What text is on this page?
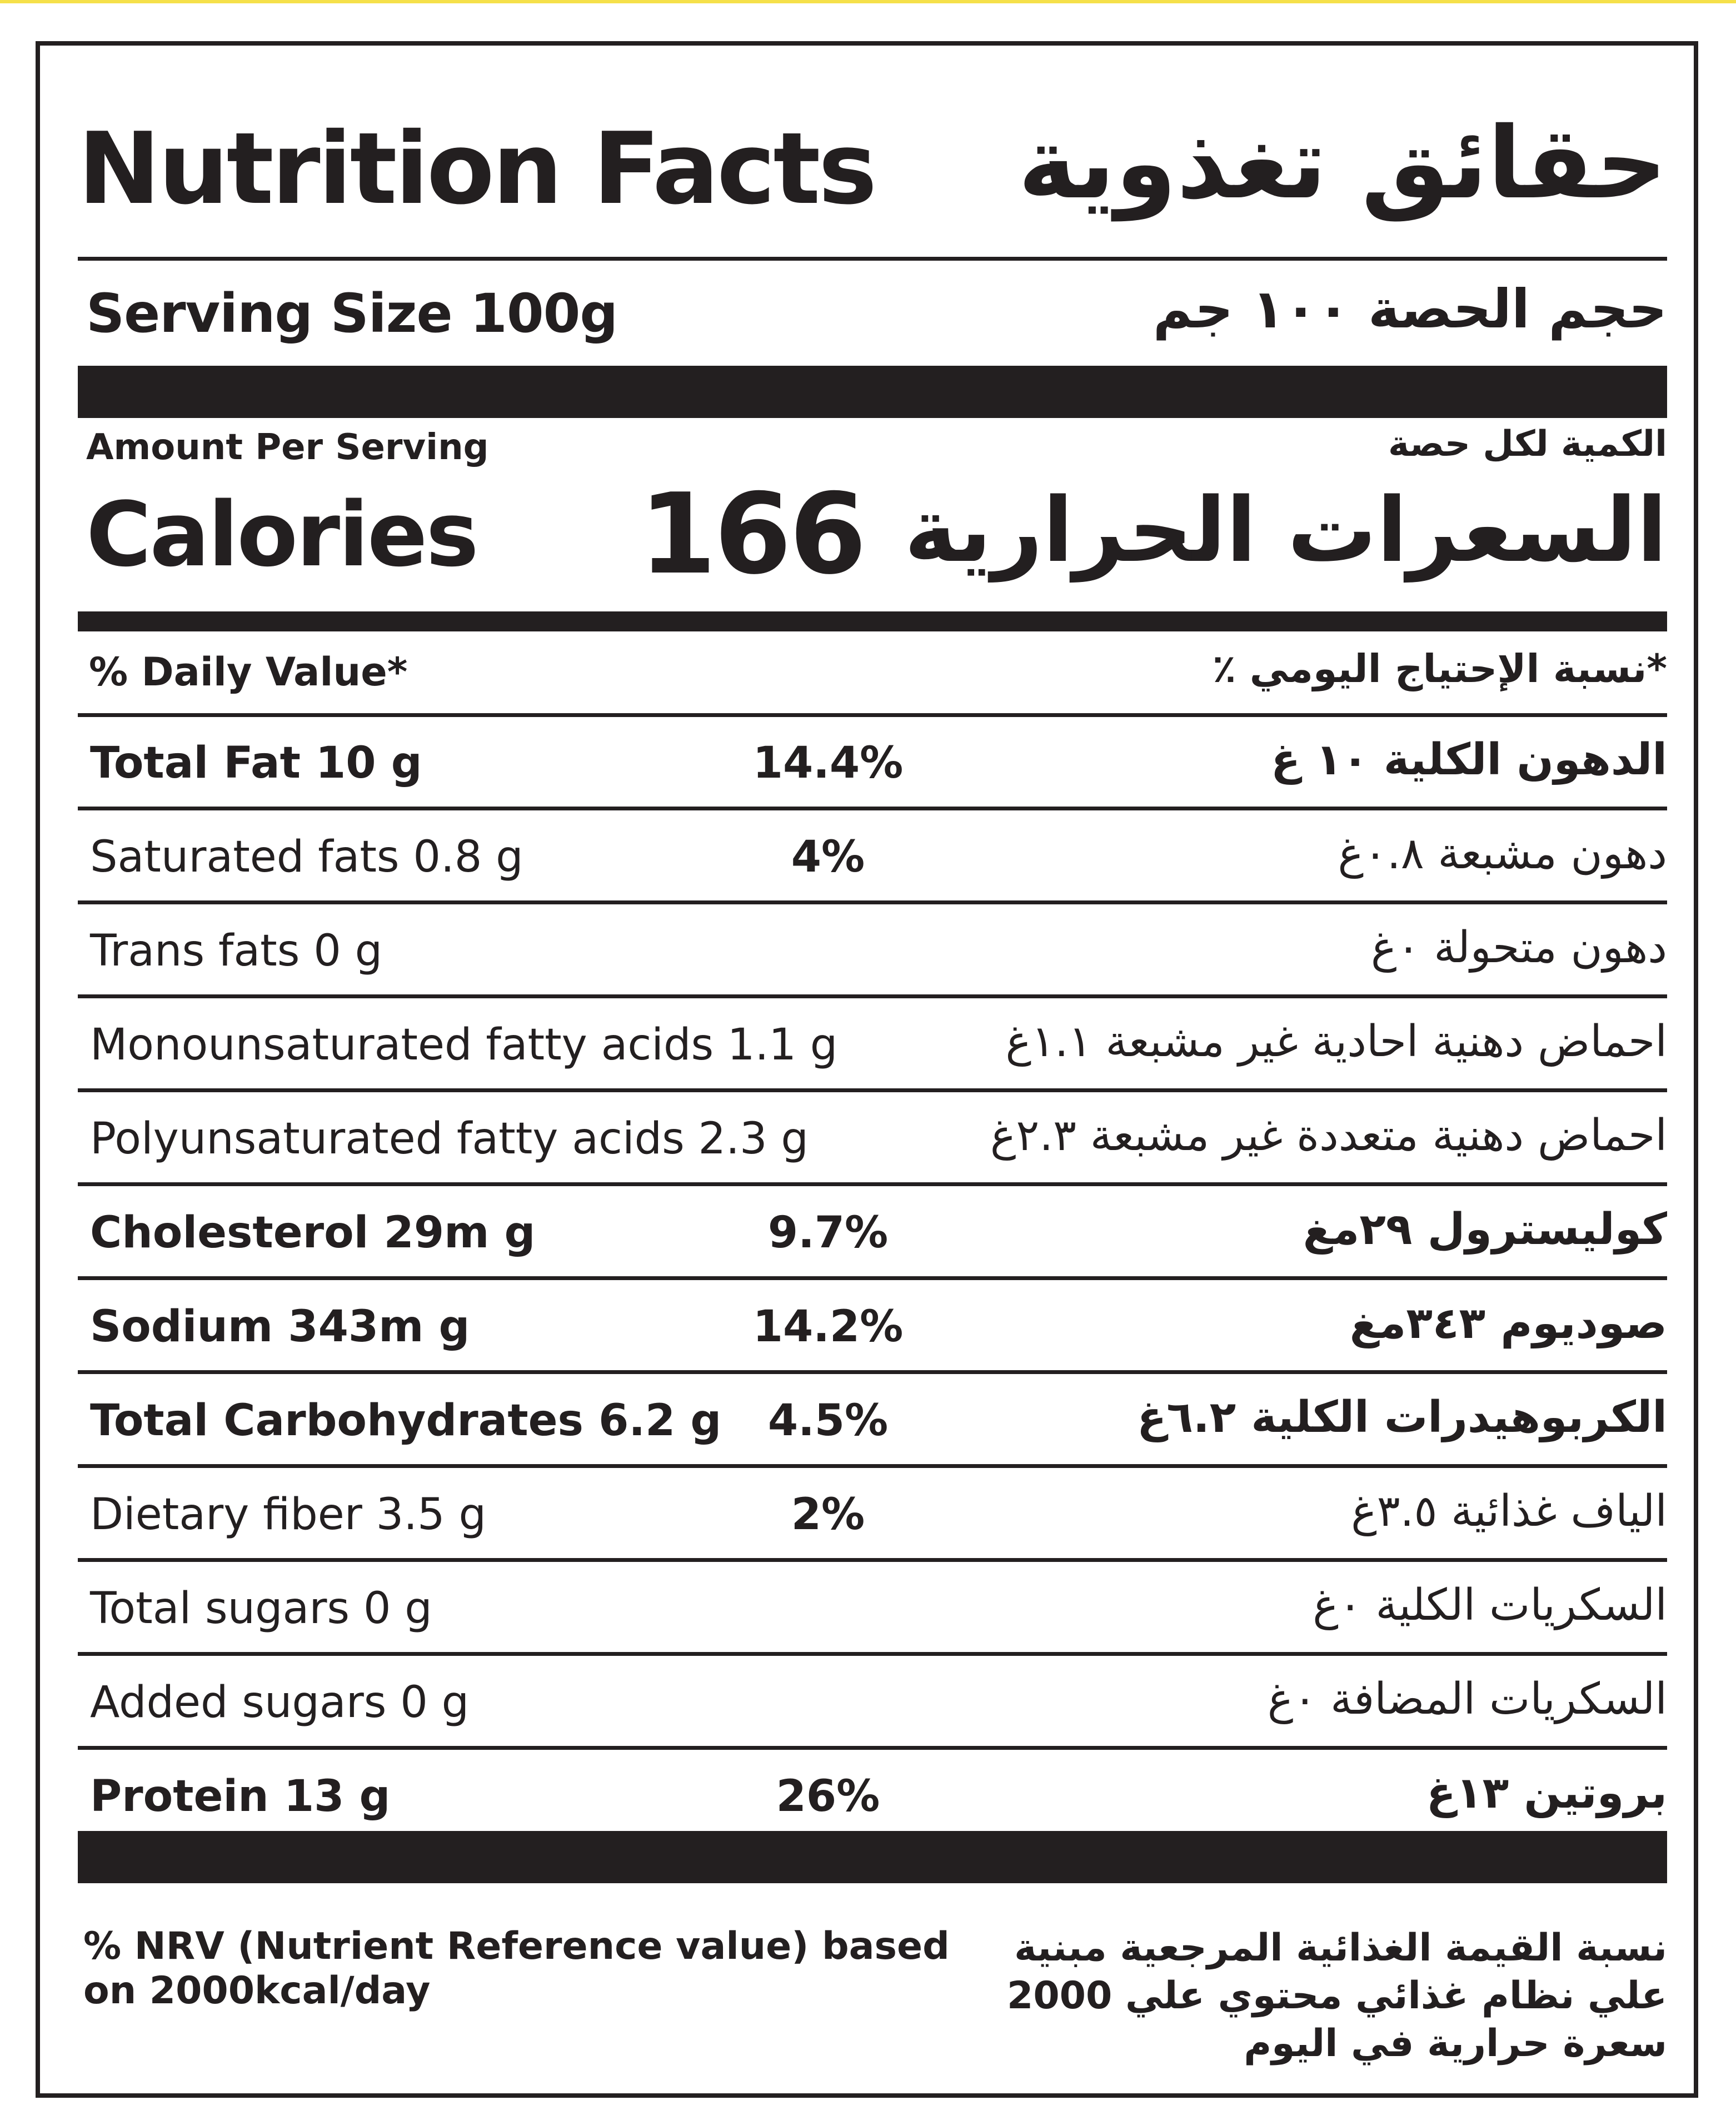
Nutrition Facts حقائق تغذوية
Serving Size 100g	حجم الحصة ١٠٠ جم
Amount Per Serving	الكمية لكل حصة
Calories 166 السعرات الحرارية
% Daily Value*	*نسبة الإحتياج اليومي ٪
Total Fat 10 g	14.4%	الدهون الكلية ١٠ غ
Saturated fats 0.8 g	4%	دهون مشبعة ٠.٨غ
Trans fats 0 g	دهون متحولة ٠غ
Monounsaturated fatty acids 1.1 g	احماض دهنية احادية غير مشبعة ١.١غ
Polyunsaturated fatty acids 2.3 g	احماض دهنية متعددة غير مشبعة ٢.٣غ
Cholesterol 29m g	9.7%	كوليسترول ٢٩مغ
Sodium 343m g	14.2%	صوديوم ٣٤٣مغ
Total Carbohydrates 6.2 g	4.5%	الكربوهيدرات الكلية ٦.٢غ
Dietary fiber 3.5 g	2%	الياف غذائية ٣.٥غ
Total sugars 0 g	السكريات الكلية ٠غ
Added sugars 0 g	السكريات المضافة ٠غ
Protein 13 g	26%	بروتين ١٣غ
% NRV (Nutrient Reference value) based on 2000kcal/day
نسبة القيمة الغذائية المرجعية مبنية علي نظام غذائي محتوي علي 2000 سعرة حرارية في اليوم
